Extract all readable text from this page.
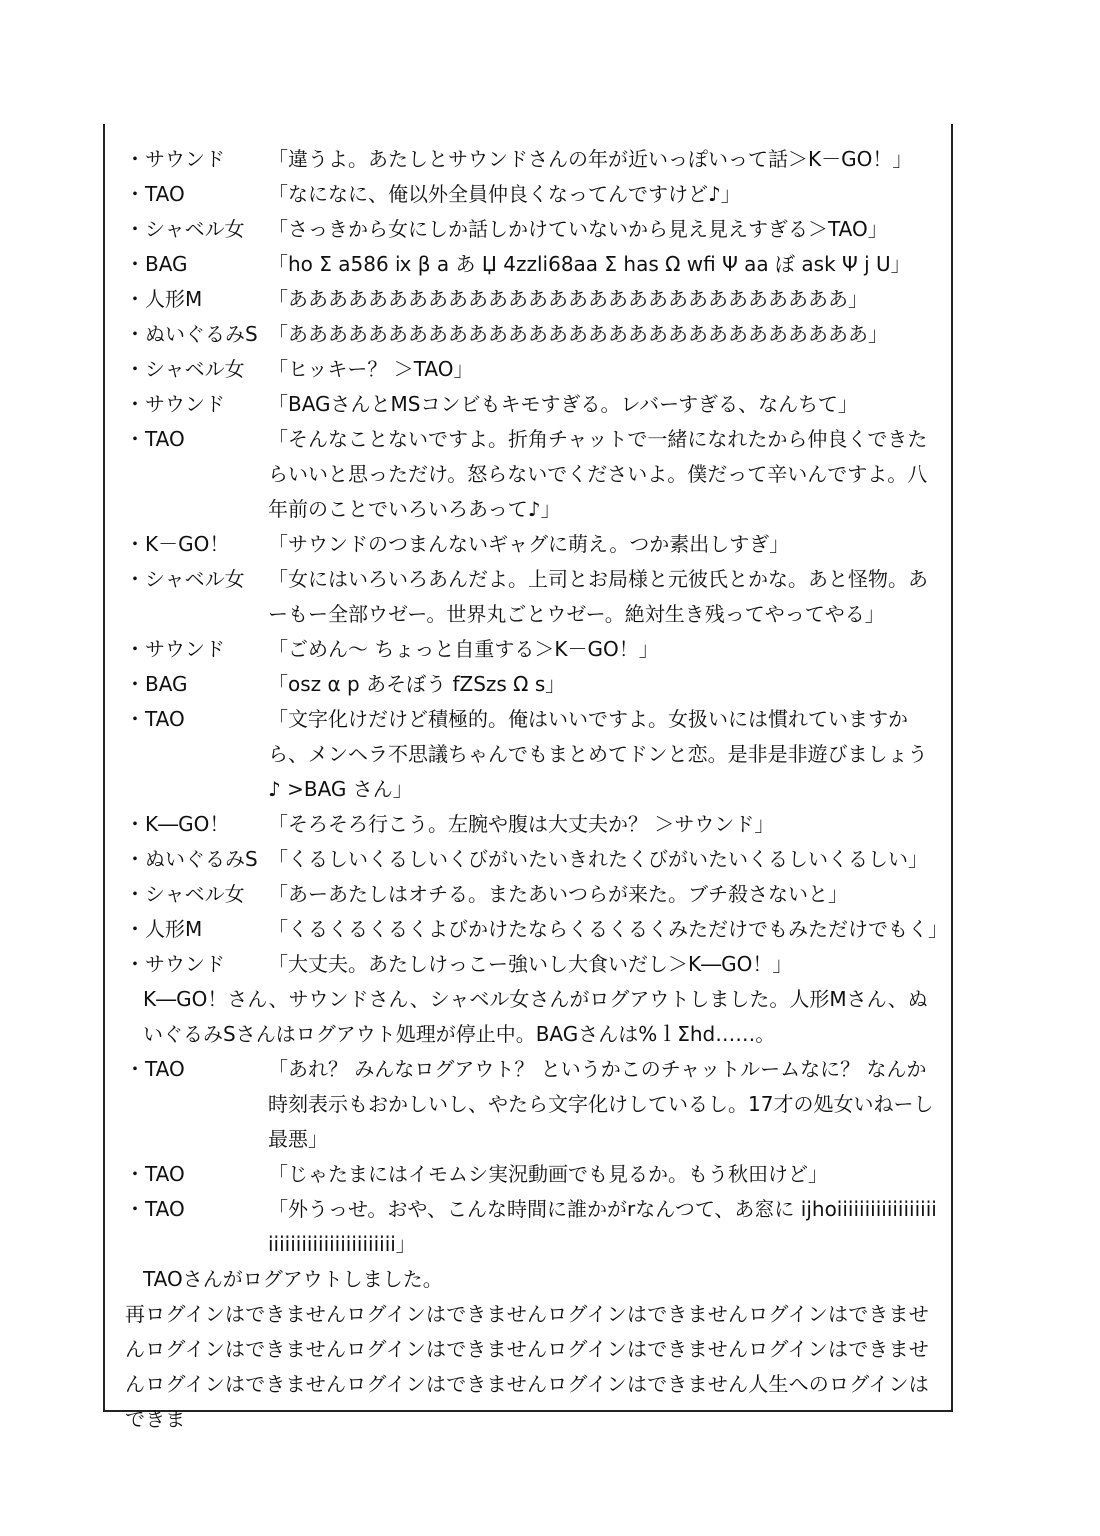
・サウンド	「違うよ。あたしとサウンドさんの年が近いっぽいって話＞K－GO！」
・TAO	「なになに、俺以外全員仲良くなってんですけど♪」
・シャベル女	「さっきから女にしか話しかけていないから見え見えすぎる＞TAO」
・BAG	「ho Σ a586 ⅸ β a あ Џ 4zzli68aa Σ has Ω wfi Ψ aa ぼ ask Ψ j U」
・人形M	「ああああああああああああああああああああああああああああ」
・ぬいぐるみS 「あああああああああああああああああああああああああああああ」
・シャベル女	「ヒッキー？ ＞TAO」
・サウンド	「BAGさんとMSコンビもキモすぎる。レバーすぎる、なんちて」
・TAO	「そんなことないですよ。折角チャットで一緒になれたから仲良くできたらいいと思っただけ。怒らないでくださいよ。僕だって辛いんですよ。八年前のことでいろいろあって♪」
・K－GO！	「サウンドのつまんないギャグに萌え。つか素出しすぎ」
・シャベル女	「女にはいろいろあんだよ。上司とお局様と元彼氏とかな。あと怪物。あーもー全部ウゼー。世界丸ごとウゼー。絶対生き残ってやってやる」
・サウンド	「ごめん～ ちょっと自重する＞K－GO！」
・BAG	「osz α p あそぼう fZSzs Ω s」
・TAO	「文字化けだけど積極的。俺はいいですよ。女扱いには慣れていますから、メンヘラ不思議ちゃんでもまとめてドンと恋。是非是非遊びましょう♪ >BAG さん」
・K―GO！	「そろそろ行こう。左腕や腹は大丈夫か？ ＞サウンド」
・ぬいぐるみS 「くるしいくるしいくびがいたいきれたくびがいたいくるしいくるしい」
・シャベル女	「あーあたしはオチる。またあいつらが来た。ブチ殺さないと」
・人形M	「くるくるくるくよびかけたならくるくるくみただけでもみただけでもく」
・サウンド	「大丈夫。あたしけっこー強いし大食いだし＞K―GO！」
K―GO！さん、サウンドさん、シャベル女さんがログアウトしました。人形Mさん、ぬいぐるみSさんはログアウト処理が停止中。BAGさんは%ｌΣhd……。
・TAO	「あれ？ みんなログアウト？ というかこのチャットルームなに？ なんか時刻表示もおかしいし、やたら文字化けしているし。17才の処女いねーし最悪」
・TAO	「じゃたまにはイモムシ実況動画でも見るか。もう秋田けど」
・TAO	「外うっせ。おや、こんな時間に誰かがrなんつて、あ窓に ijhoiiiiiiiiiiiiiiiiiiiiiiiiiiiiiiiiiiiiiiiii」
TAOさんがログアウトしました。
再ログインはできませんログインはできませんログインはできませんログインはできませんログインはできませんログインはできませんログインはできませんログインはできませんログインはできませんログインはできませんログインはできません人生へのログインはできま
